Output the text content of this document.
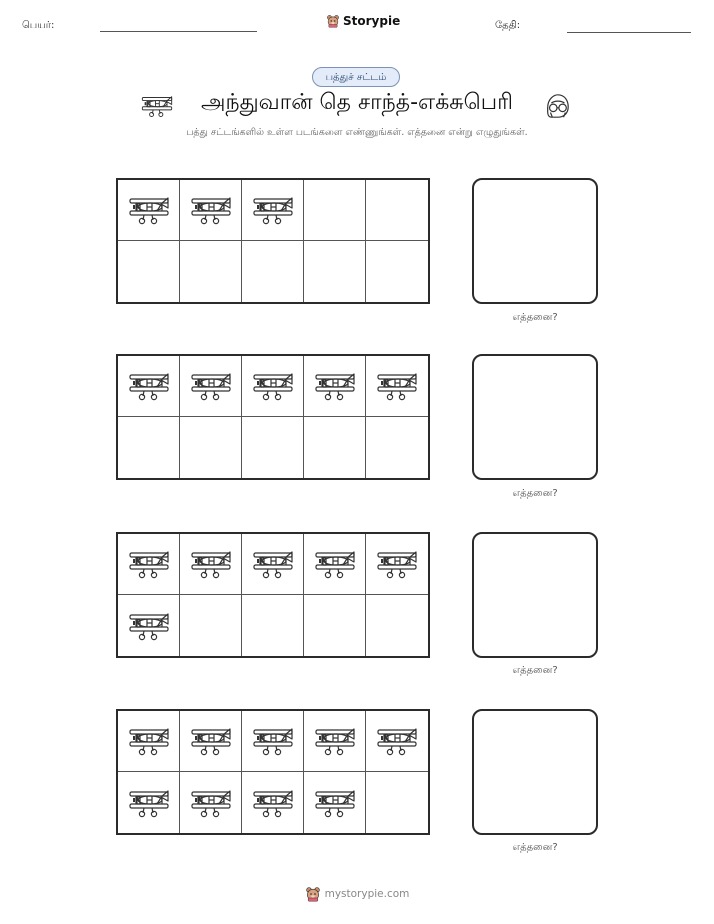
பெயர்:	Storypie	தேதி:
பத்துச் சட்டம்
அந்துவான் தெ சாந்த்-எக்சுபெரி
பத்து சட்டங்களில் உள்ள படங்களை எண்ணுங்கள். எத்தனை என்று எழுதுங்கள்.
எத்தனை?
எத்தனை?
எத்தனை?
எத்தனை?
mystorypie.com
